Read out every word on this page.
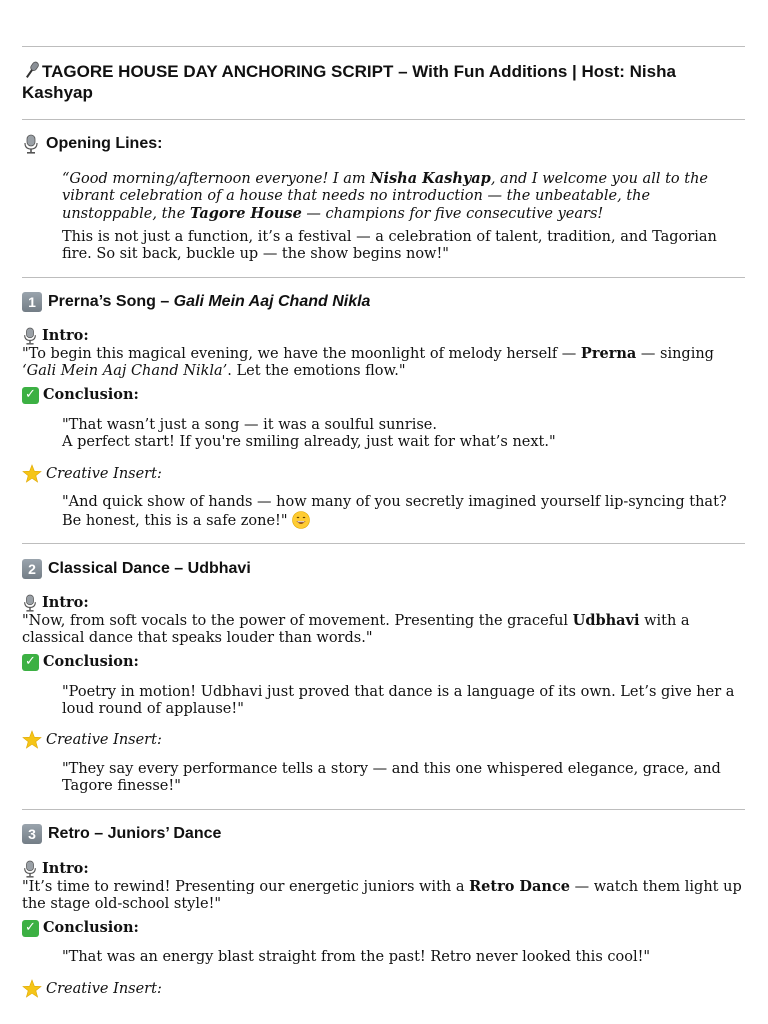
TAGORE HOUSE DAY ANCHORING SCRIPT – With Fun Additions | Host: Nisha Kashyap
Opening Lines:
“Good morning/afternoon everyone! I am Nisha Kashyap, and I welcome you all to the vibrant celebration of a house that needs no introduction — the unbeatable, the unstoppable, the Tagore House — champions for five consecutive years!
This is not just a function, it’s a festival — a celebration of talent, tradition, and Tagorian fire. So sit back, buckle up — the show begins now!"
1 Prerna’s Song – Gali Mein Aaj Chand Nikla
Intro:
"To begin this magical evening, we have the moonlight of melody herself — Prerna — singing ‘Gali Mein Aaj Chand Nikla’. Let the emotions flow."
✓ Conclusion:

"That wasn’t just a song — it was a soulful sunrise.

A perfect start! If you're smiling already, just wait for what’s next."

Creative Insert:
"And quick show of hands — how many of you secretly imagined yourself lip-syncing that? Be honest, this is a safe zone!"
2 Classical Dance – Udbhavi
Intro:
"Now, from soft vocals to the power of movement. Presenting the graceful Udbhavi with a classical dance that speaks louder than words."
✓ Conclusion:
"Poetry in motion! Udbhavi just proved that dance is a language of its own. Let’s give her a loud round of applause!"
Creative Insert:
"They say every performance tells a story — and this one whispered elegance, grace, and Tagore finesse!"
3 Retro – Juniors’ Dance
Intro:
"It’s time to rewind! Presenting our energetic juniors with a Retro Dance — watch them light up the stage old-school style!"
✓ Conclusion:
"That was an energy blast straight from the past! Retro never looked this cool!"
Creative Insert:
